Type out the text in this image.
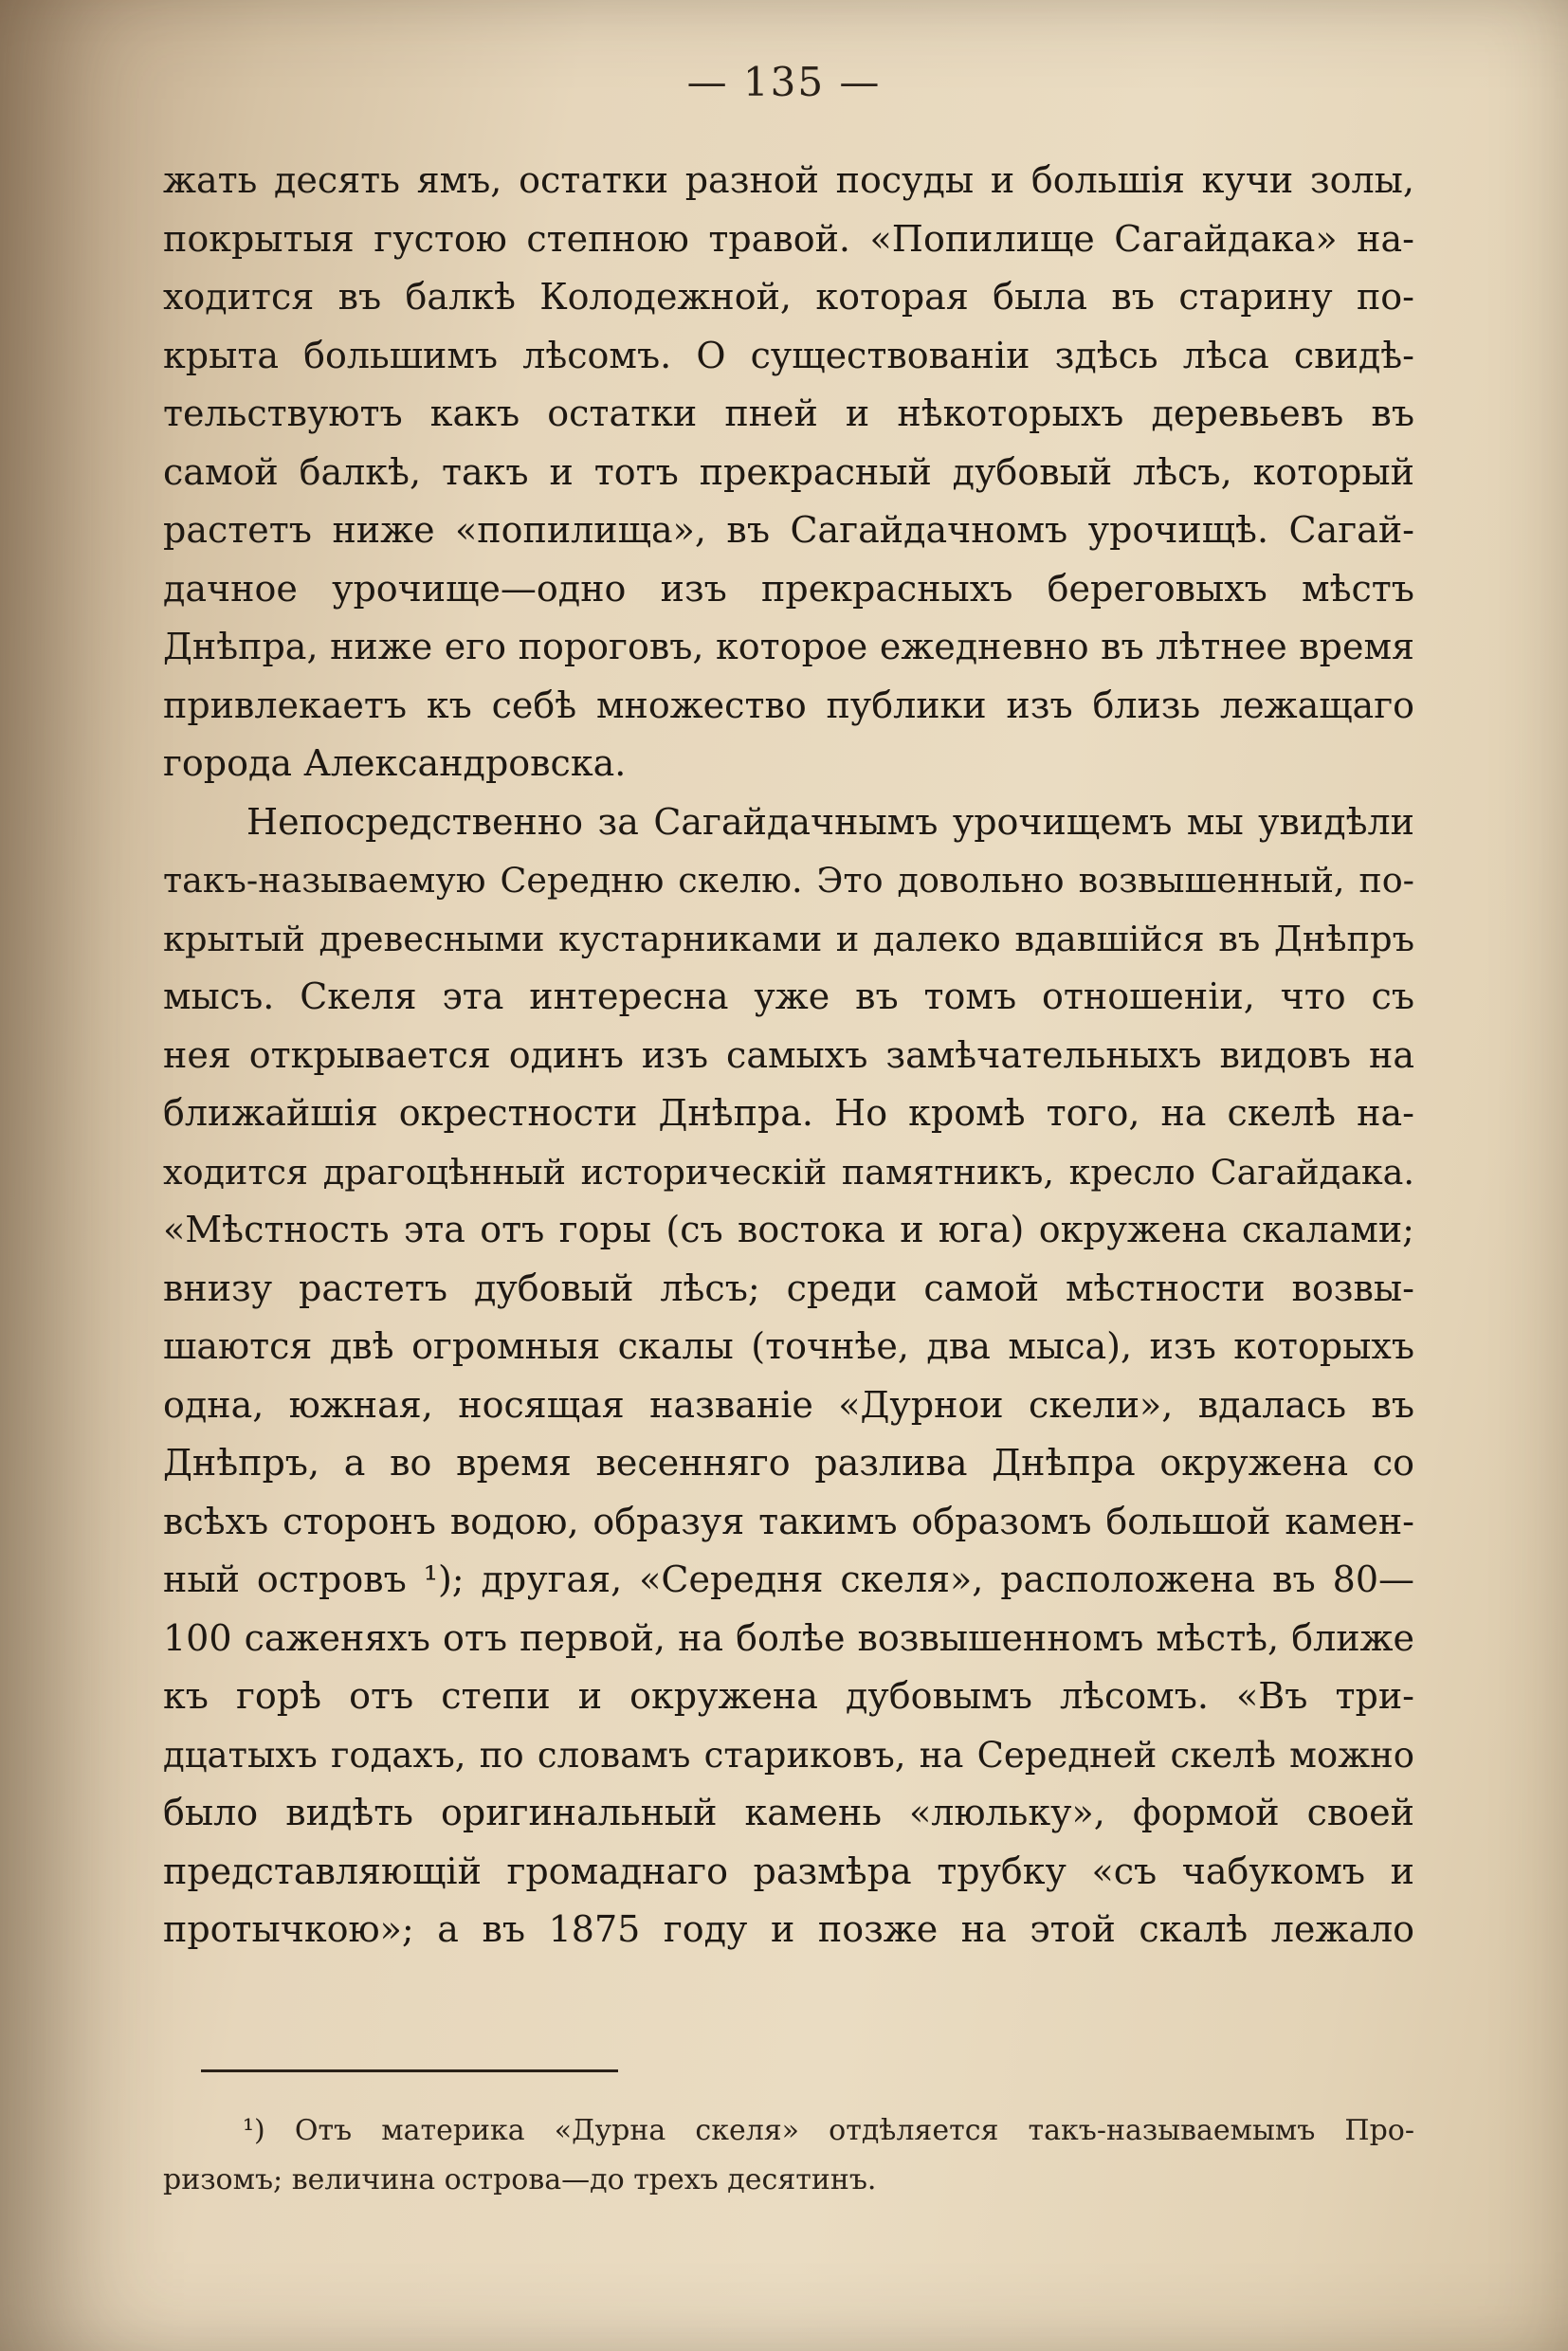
— 135 —
жать десять ямъ, остатки разной посуды и большія кучи золы,
покрытыя густою степною травой. «Попилище Сагайдака» на-
ходится въ балкѣ Колодежной, которая была въ старину по-
крыта большимъ лѣсомъ. О существованіи здѣсь лѣса свидѣ-
тельствуютъ какъ остатки пней и нѣкоторыхъ деревьевъ въ
самой балкѣ, такъ и тотъ прекрасный дубовый лѣсъ, который
растетъ ниже «попилища», въ Сагайдачномъ урочищѣ. Сагай-
дачное урочище—одно изъ прекрасныхъ береговыхъ мѣстъ
Днѣпра, ниже его пороговъ, которое ежедневно въ лѣтнее время
привлекаетъ къ себѣ множество публики изъ близь лежащаго
города Александровска.
Непосредственно за Сагайдачнымъ урочищемъ мы увидѣли
такъ-называемую Середню скелю. Это довольно возвышенный, по-
крытый древесными кустарниками и далеко вдавшійся въ Днѣпръ
мысъ. Скеля эта интересна уже въ томъ отношеніи, что съ
нея открывается одинъ изъ самыхъ замѣчательныхъ видовъ на
ближайшія окрестности Днѣпра. Но кромѣ того, на скелѣ на-
ходится драгоцѣнный историческій памятникъ, кресло Сагайдака.
«Мѣстность эта отъ горы (съ востока и юга) окружена скалами;
внизу растетъ дубовый лѣсъ; среди самой мѣстности возвы-
шаются двѣ огромныя скалы (точнѣе, два мыса), изъ которыхъ
одна, южная, носящая названіе «Дурнои скели», вдалась въ
Днѣпръ, а во время весенняго разлива Днѣпра окружена со
всѣхъ сторонъ водою, образуя такимъ образомъ большой камен-
ный островъ ¹); другая, «Середня скеля», расположена въ 80—
100 саженяхъ отъ первой, на болѣе возвышенномъ мѣстѣ, ближе
къ горѣ отъ степи и окружена дубовымъ лѣсомъ. «Въ три-
дцатыхъ годахъ, по словамъ стариковъ, на Середней скелѣ можно
было видѣть оригинальный камень «люльку», формой своей
представляющій громаднаго размѣра трубку «съ чабукомъ и
протычкою»; а въ 1875 году и позже на этой скалѣ лежало
¹) Отъ материка «Дурна скеля» отдѣляется такъ-называемымъ Про-
ризомъ; величина острова—до трехъ десятинъ.
